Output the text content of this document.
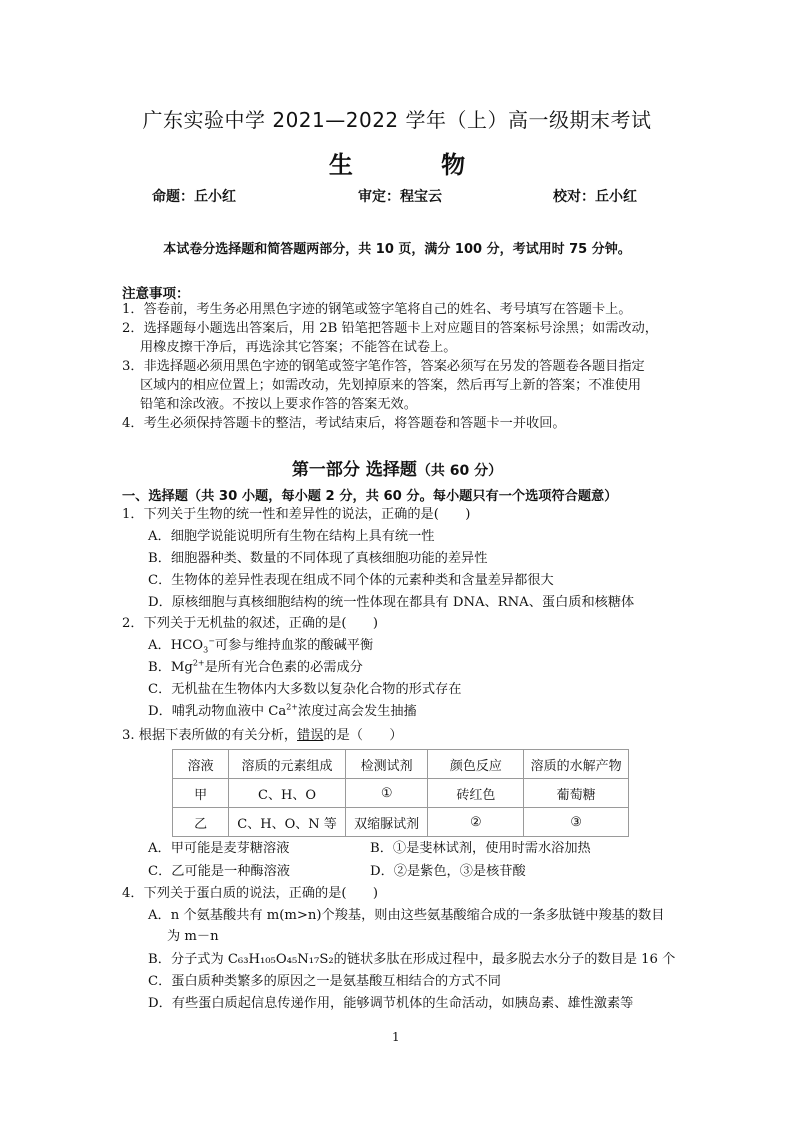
广东实验中学 2021—2022 学年（上）高一级期末考试
生 物
命题：丘小红	审定：程宝云	校对：丘小红
本试卷分选择题和简答题两部分，共 10 页，满分 100 分，考试用时 75 分钟。
注意事项：
1．答卷前，考生务必用黑色字迹的钢笔或签字笔将自己的姓名、考号填写在答题卡上。
2．选择题每小题选出答案后，用 2B 铅笔把答题卡上对应题目的答案标号涂黑；如需改动，
用橡皮擦干净后，再选涂其它答案；不能答在试卷上。
3．非选择题必须用黑色字迹的钢笔或签字笔作答，答案必须写在另发的答题卷各题目指定
区域内的相应位置上；如需改动，先划掉原来的答案，然后再写上新的答案；不准使用
铅笔和涂改液。不按以上要求作答的答案无效。
4．考生必须保持答题卡的整洁，考试结束后，将答题卷和答题卡一并收回。
第一部分 选择题（共 60 分）
一、选择题（共 30 小题，每小题 2 分，共 60 分。每小题只有一个选项符合题意）
1．下列关于生物的统一性和差异性的说法，正确的是(　　)
A．细胞学说能说明所有生物在结构上具有统一性
B．细胞器种类、数量的不同体现了真核细胞功能的差异性
C．生物体的差异性表现在组成不同个体的元素种类和含量差异都很大
D．原核细胞与真核细胞结构的统一性体现在都具有 DNA、RNA、蛋白质和核糖体
2．下列关于无机盐的叙述，正确的是(　　)
A．$HCO_3^-$可参与维持血浆的酸碱平衡
B．$Mg^{2+}$是所有光合色素的必需成分
C．无机盐在生物体内大多数以复杂化合物的形式存在
D．哺乳动物血液中 $Ca^{2+}$浓度过高会发生抽搐
3. 根据下表所做的有关分析，错误的是（　　）
溶液	溶质的元素组成	检测试剂	颜色反应	溶质的水解产物
甲	C、H、O	①	砖红色	葡萄糖
乙	C、H、O、N 等	双缩脲试剂	②	③
A．甲可能是麦芽糖溶液	B．①是斐林试剂，使用时需水浴加热
C．乙可能是一种酶溶液	D．②是紫色，③是核苷酸
4．下列关于蛋白质的说法，正确的是(　　)
A．n 个氨基酸共有 m(m>n)个羧基，则由这些氨基酸缩合成的一条多肽链中羧基的数目
为 m－n
B．分子式为 C₆₃H₁₀₅O₄₅N₁₇S₂的链状多肽在形成过程中，最多脱去水分子的数目是 16 个
C．蛋白质种类繁多的原因之一是氨基酸互相结合的方式不同
D．有些蛋白质起信息传递作用，能够调节机体的生命活动，如胰岛素、雄性激素等
1
